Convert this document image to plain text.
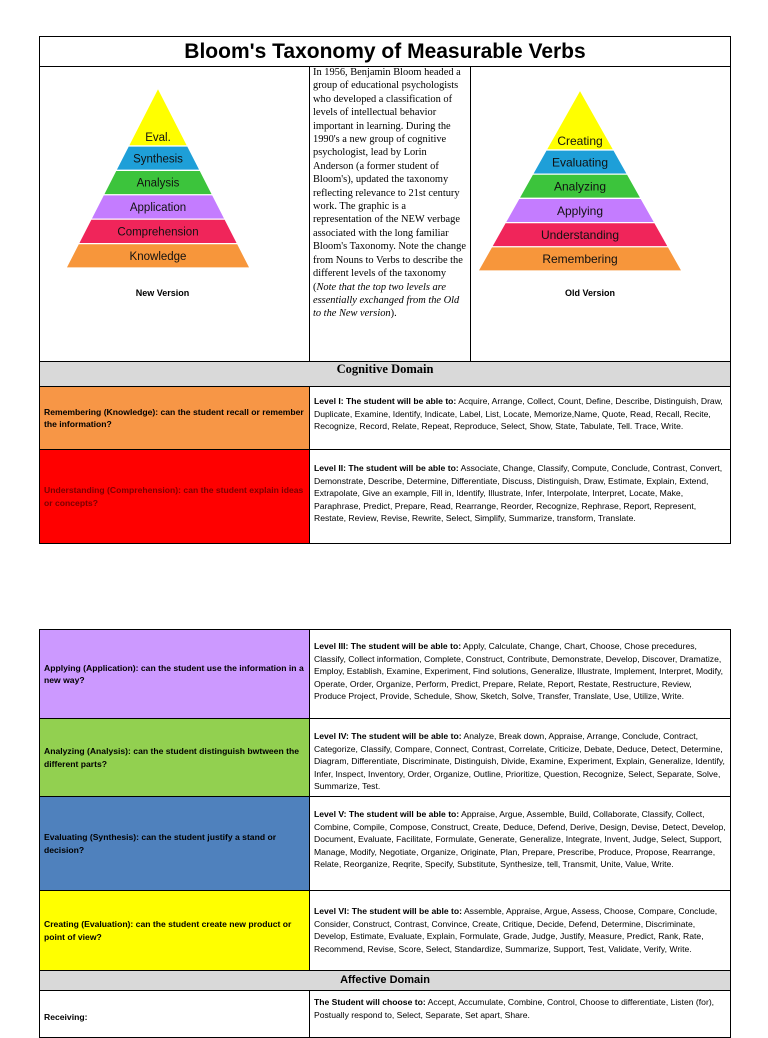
Bloom's Taxonomy of Measurable Verbs
Eval.
Synthesis
Analysis
Application
Comprehension
Knowledge
New Version
In 1956, Benjamin Bloom headed a group of educational psychologists who developed a classification of levels of intellectual behavior important in learning. During the 1990's a new group of cognitive psychologist, lead by Lorin Anderson (a former student of Bloom's), updated the taxonomy reflecting relevance to 21st century work. The graphic is a representation of the NEW verbage associated with the long familiar Bloom's Taxonomy. Note the change from Nouns to Verbs to describe the different levels of the taxonomy (Note that the top two levels are essentially exchanged from the Old to the New version).
Creating
Evaluating
Analyzing
Applying
Understanding
Remembering
Old Version
Cognitive Domain
Remembering (Knowledge): can the student recall or remember the information?
Level I: The student will be able to: Acquire, Arrange, Collect, Count, Define, Describe, Distinguish, Draw, Duplicate, Examine, Identify, Indicate, Label, List, Locate, Memorize,Name, Quote, Read, Recall, Recite, Recognize, Record, Relate, Repeat, Reproduce, Select, Show, State, Tabulate, Tell. Trace, Write.
Understanding (Comprehension): can the student explain ideas or concepts?
Level II: The student will be able to: Associate, Change, Classify, Compute, Conclude, Contrast, Convert, Demonstrate, Describe, Determine, Differentiate, Discuss, Distinguish, Draw, Estimate, Explain, Extend, Extrapolate, Give an example, Fill in, Identify, Illustrate, Infer, Interpolate, Interpret, Locate, Make, Paraphrase, Predict, Prepare, Read, Rearrange, Reorder, Recognize, Rephrase, Report, Represent, Restate, Review, Revise, Rewrite, Select, Simplify, Summarize, transform, Translate.
Applying (Application): can the student use the information in a new way?
Level III: The student will be able to: Apply, Calculate, Change, Chart, Choose, Chose precedures, Classify, Collect information, Complete, Construct, Contribute, Demonstrate, Develop, Discover, Dramatize, Employ, Establish, Examine, Experiment, Find solutions, Generalize, Illustrate, Implement, Interpret, Modify, Operate, Order, Organize, Perform, Predict, Prepare, Relate, Report, Restate, Restructure, Review, Produce Project, Provide, Schedule, Show, Sketch, Solve, Transfer, Translate, Use, Utilize, Write.
Analyzing (Analysis): can the student distinguish bwtween the different parts?
Level IV: The student will be able to: Analyze, Break down, Appraise, Arrange, Conclude, Contract, Categorize, Classify, Compare, Connect, Contrast, Correlate, Criticize, Debate, Deduce, Detect, Determine, Diagram, Differentiate, Discriminate, Distinguish, Divide, Examine, Experiment, Explain, Generalize, Identify, Infer, Inspect, Inventory, Order, Organize, Outline, Prioritize, Question, Recognize, Select, Separate, Solve, Summarize, Test.
Evaluating (Synthesis): can the student justify a stand or decision?
Level V: The student will be able to: Appraise, Argue, Assemble, Build, Collaborate, Classify, Collect, Combine, Compile, Compose, Construct, Create, Deduce, Defend, Derive, Design, Devise, Detect, Develop, Document, Evaluate, Facilitate, Formulate, Generate, Generalize, Integrate, Invent, Judge, Select, Support, Manage, Modify, Negotiate, Organize, Originate, Plan, Prepare, Prescribe, Produce, Propose, Rearrange, Relate, Reorganize, Reqrite, Specify, Substitute, Synthesize, tell, Transmit, Unite, Value, Write.
Creating (Evaluation): can the student create new product or point of view?
Level VI: The student will be able to: Assemble, Appraise, Argue, Assess, Choose, Compare, Conclude, Consider, Construct, Contrast, Convince, Create, Critique, Decide, Defend, Determine, Discriminate, Develop, Estimate, Evaluate, Explain, Formulate, Grade, Judge, Justify, Measure, Predict, Rank, Rate, Recommend, Revise, Score, Select, Standardize, Summarize, Support, Test, Validate, Verify, Write.
Affective Domain
Receiving:
The Student will choose to: Accept, Accumulate, Combine, Control, Choose to differentiate, Listen (for), Postually respond to, Select, Separate, Set apart, Share.
